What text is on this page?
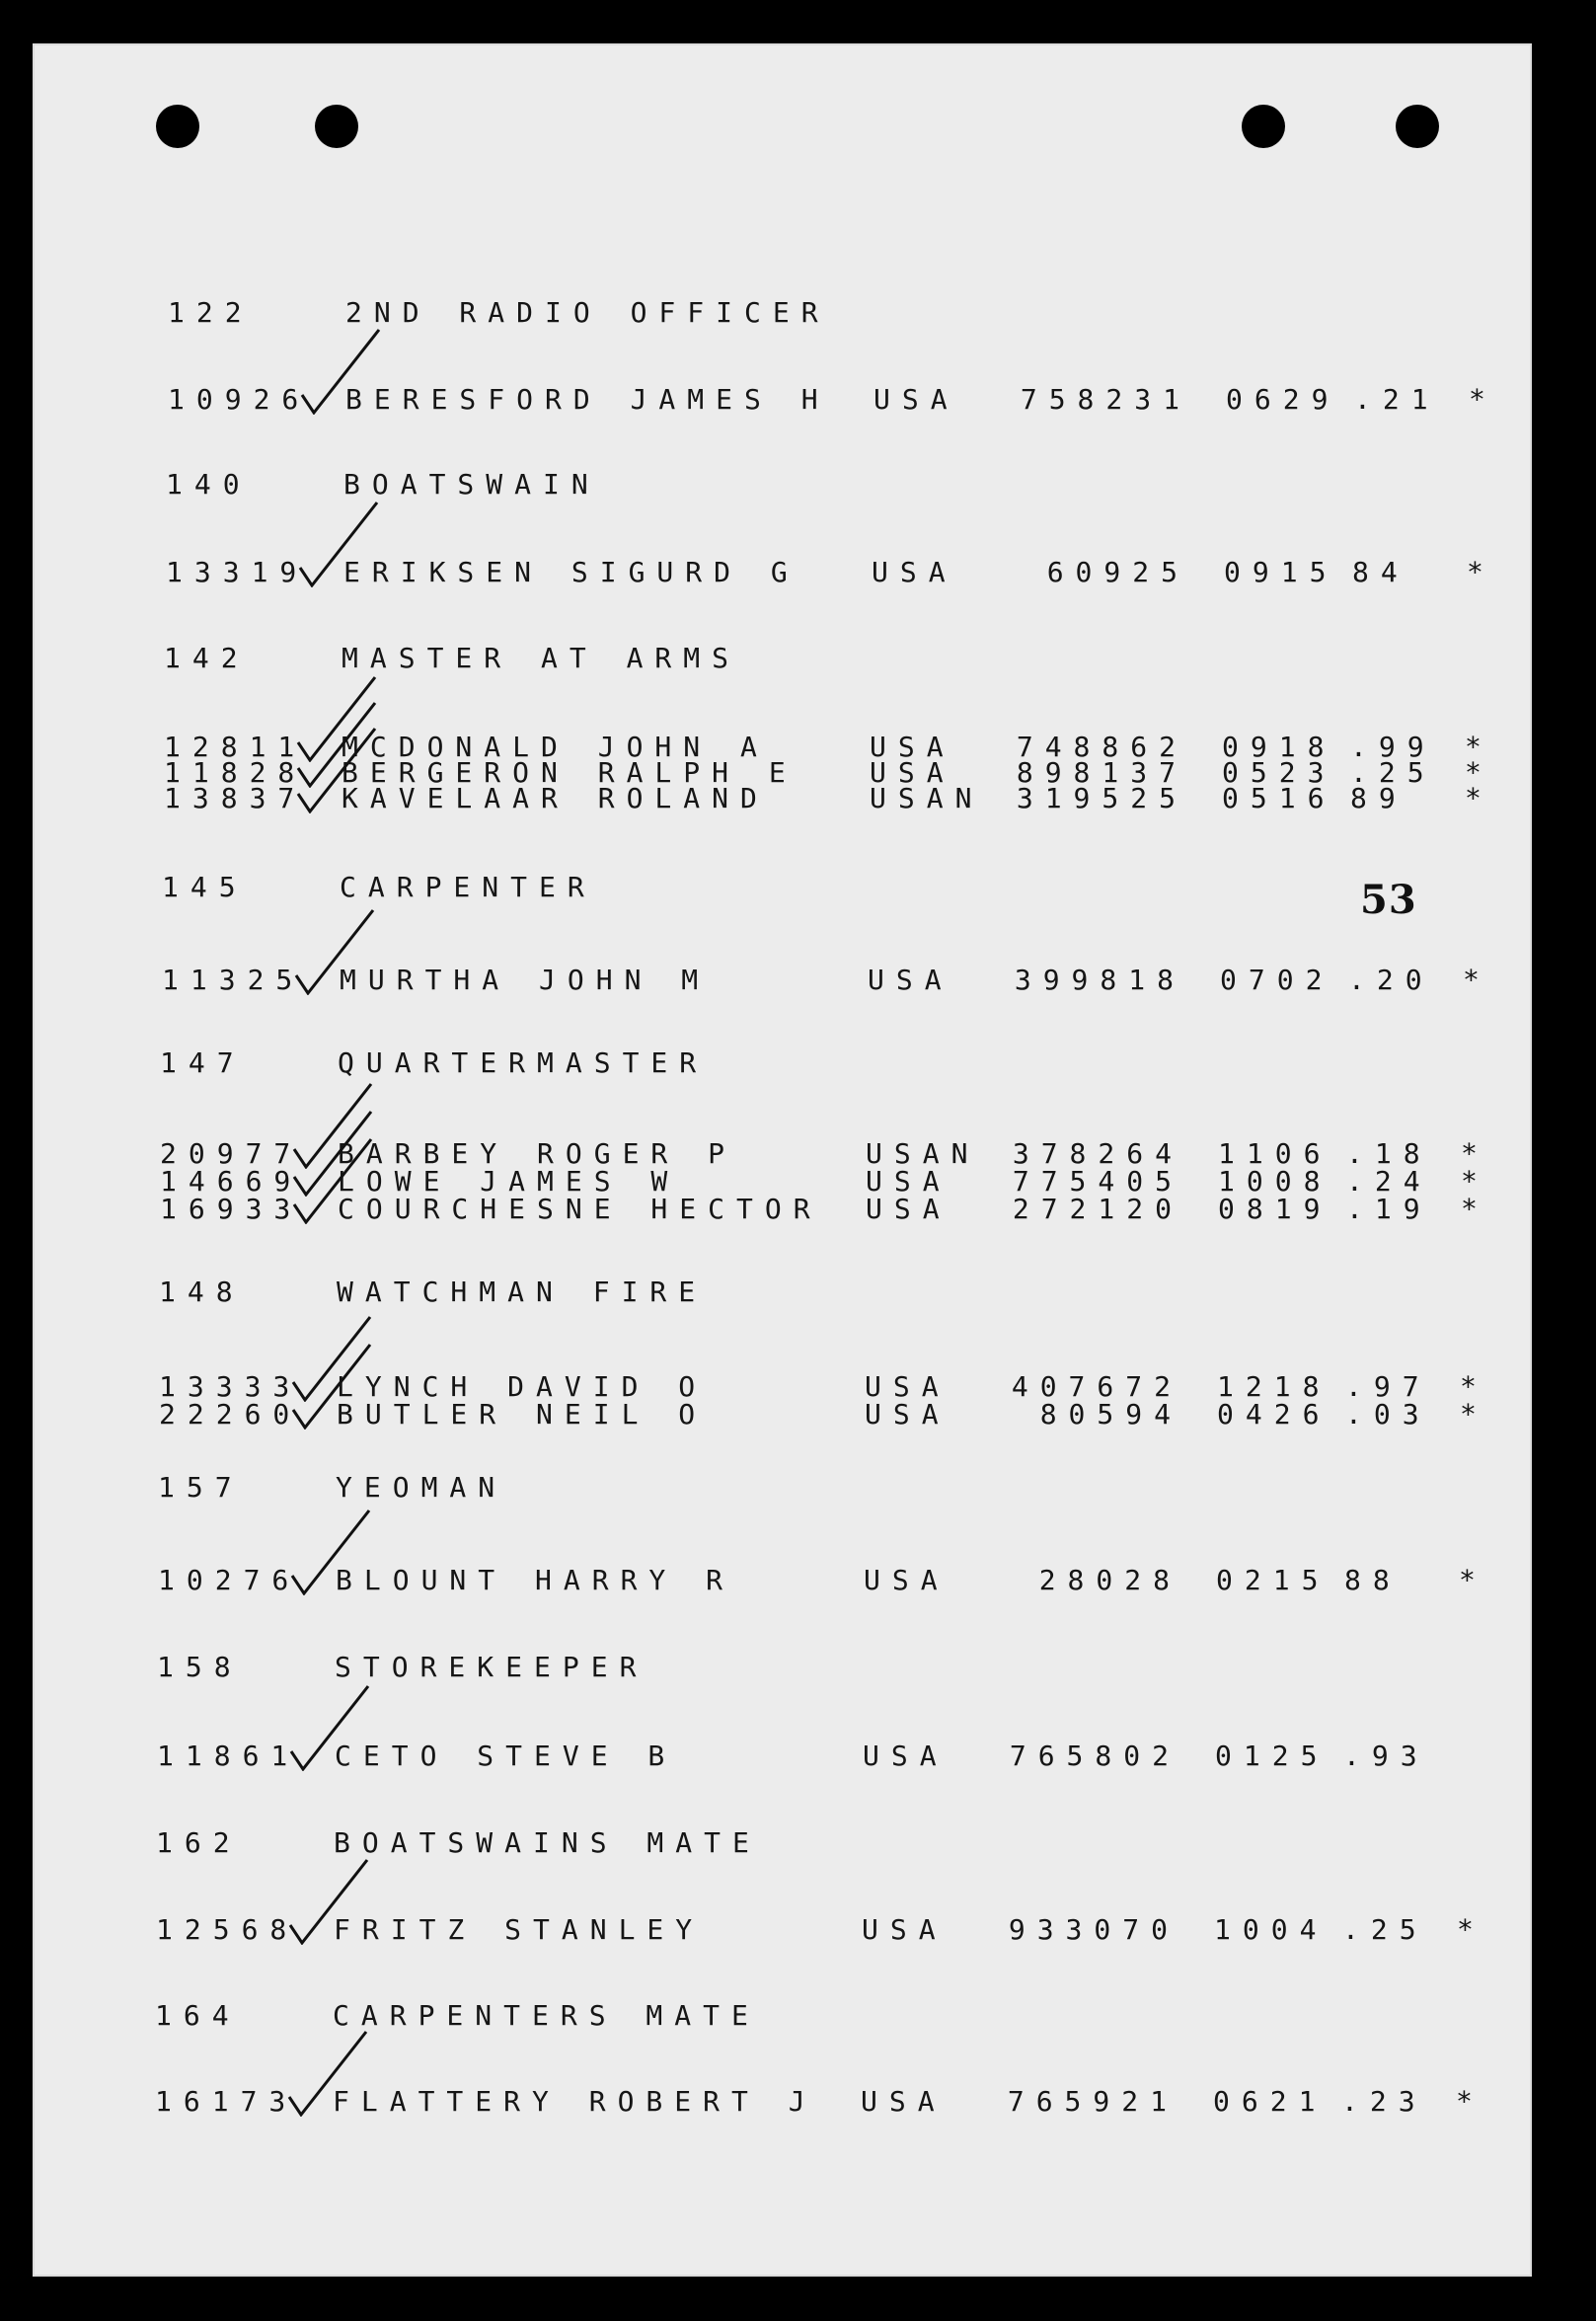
122	2ND RADIO OFFICER
10926 BERESFORD JAMES H USA	758231 0629 .21 *
140	BOATSWAIN
13319 ERIKSEN SIGURD G	USA	60925 0915 84 *
142	MASTER AT ARMS
12811 MCDONALD JOHN A	USA	748862 0918 .99 *
11828 BERGERON RALPH E	USA	898137 0523 .25 *
13837 KAVELAAR ROLAND	USAN	319525 0516 89 *
145	CARPENTER
11325 MURTHA JOHN M	USA	399818 0702 .20 *
147	QUARTERMASTER
20977 BARBEY ROGER P	USAN	378264 1106 .18 *
14669 LOWE JAMES W	USA	775405 1008 .24 *
16933 COURCHESNE HECTOR USA	272120 0819 .19 *
148	WATCHMAN FIRE
13333 LYNCH DAVID O	USA	407672 1218 .97 *
22260 BUTLER NEIL O	USA	80594 0426 .03 *
157	YEOMAN
10276 BLOUNT HARRY R	USA	28028 0215 88 *
158	STOREKEEPER
11861 CETO STEVE B	USA	765802 0125 .93
162	BOATSWAINS MATE
12568 FRITZ STANLEY	USA	933070 1004 .25 *
164	CARPENTERS MATE
16173 FLATTERY ROBERT J USA	765921 0621 .23 *
53
